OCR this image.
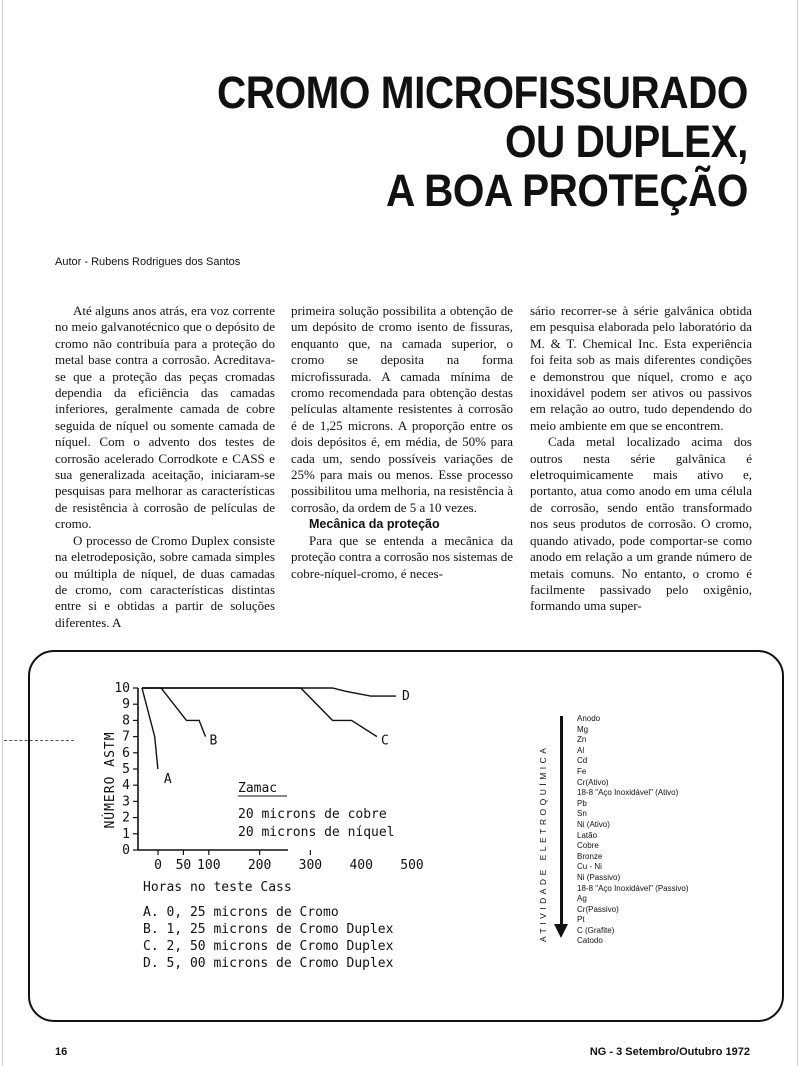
CROMO MICROFISSURADO
OU DUPLEX,
A BOA PROTEÇÃO
Autor - Rubens Rodrigues dos Santos

Até alguns anos atrás, era voz corrente no meio galvanotécnico que o depósito de cromo não contribuía para a proteção do metal base contra a corrosão. Acreditava-se que a proteção das peças cromadas dependia da eficiência das camadas inferiores, geralmente camada de cobre seguida de níquel ou somente camada de níquel. Com o advento dos testes de corrosão acelerado Corrodkote e CASS e sua generalizada aceitação, iniciaram-se pesquisas para melhorar as características de resistência à corrosão de películas de cromo.

O processo de Cromo Duplex consiste na eletrodeposição, sobre camada simples ou múltipla de níquel, de duas camadas de cromo, com características distintas entre si e obtidas a partir de soluções diferentes. A

primeira solução possibilita a obtenção de um depósito de cromo isento de fissuras, enquanto que, na camada superior, o cromo se deposita na forma microfissurada. A camada mínima de cromo recomendada para obtenção destas películas altamente resistentes à corrosão é de 1,25 microns. A proporção entre os dois depósitos é, em média, de 50% para cada um, sendo possíveis variações de 25% para mais ou menos. Esse processo possibilitou uma melhoria, na resistência à corrosão, da ordem de 5 a 10 vezes.

Mecânica da proteção

Para que se entenda a mecânica da proteção contra a corrosão nos sistemas de cobre-níquel-cromo, é neces-

sário recorrer-se à série galvânica obtida em pesquisa elaborada pelo laboratório da M. & T. Chemical Inc. Esta experiência foi feita sob as mais diferentes condições e demonstrou que níquel, cromo e aço inoxidável podem ser ativos ou passivos em relação ao outro, tudo dependendo do meio ambiente em que se encontrem.

Cada metal localizado acima dos outros nesta série galvânica é eletroquimicamente mais ativo e, portanto, atua como anodo em uma célula de corrosão, sendo então transformado nos seus produtos de corrosão. O cromo, quando ativado, pode comportar-se como anodo em relação a um grande número de metais comuns. No entanto, o cromo é facilmente passivado pelo oxigênio, formando uma super-

10
9
8
7
6
5
4
3
2
1
0
0 50 100 200 300 400 500
NÚMERO ASTM	A
B	C
D
Zamac
20 microns de cobre
20 microns de níquel
Horas no teste Cass
A. 0, 25 microns de Cromo
B. 1, 25 microns de Cromo Duplex
C. 2, 50 microns de Cromo Duplex
D. 5, 00 microns de Cromo Duplex
ATIVIDADE ELETROQUÍMICA
Anodo
Mg
Zn
Al
Cd
Fe
Cr(Ativo)
18-8 "Aço Inoxidável" (Ativo)
Pb
Sn
Ni (Ativo)
Latão
Cobre
Bronze
Cu - Ni
Ni (Passivo)
18-8 "Aço Inoxidável" (Passivo)
Ag
Cr(Passivo)
Pt
C (Grafite)
Catodo
16	NG - 3 Setembro/Outubro 1972
